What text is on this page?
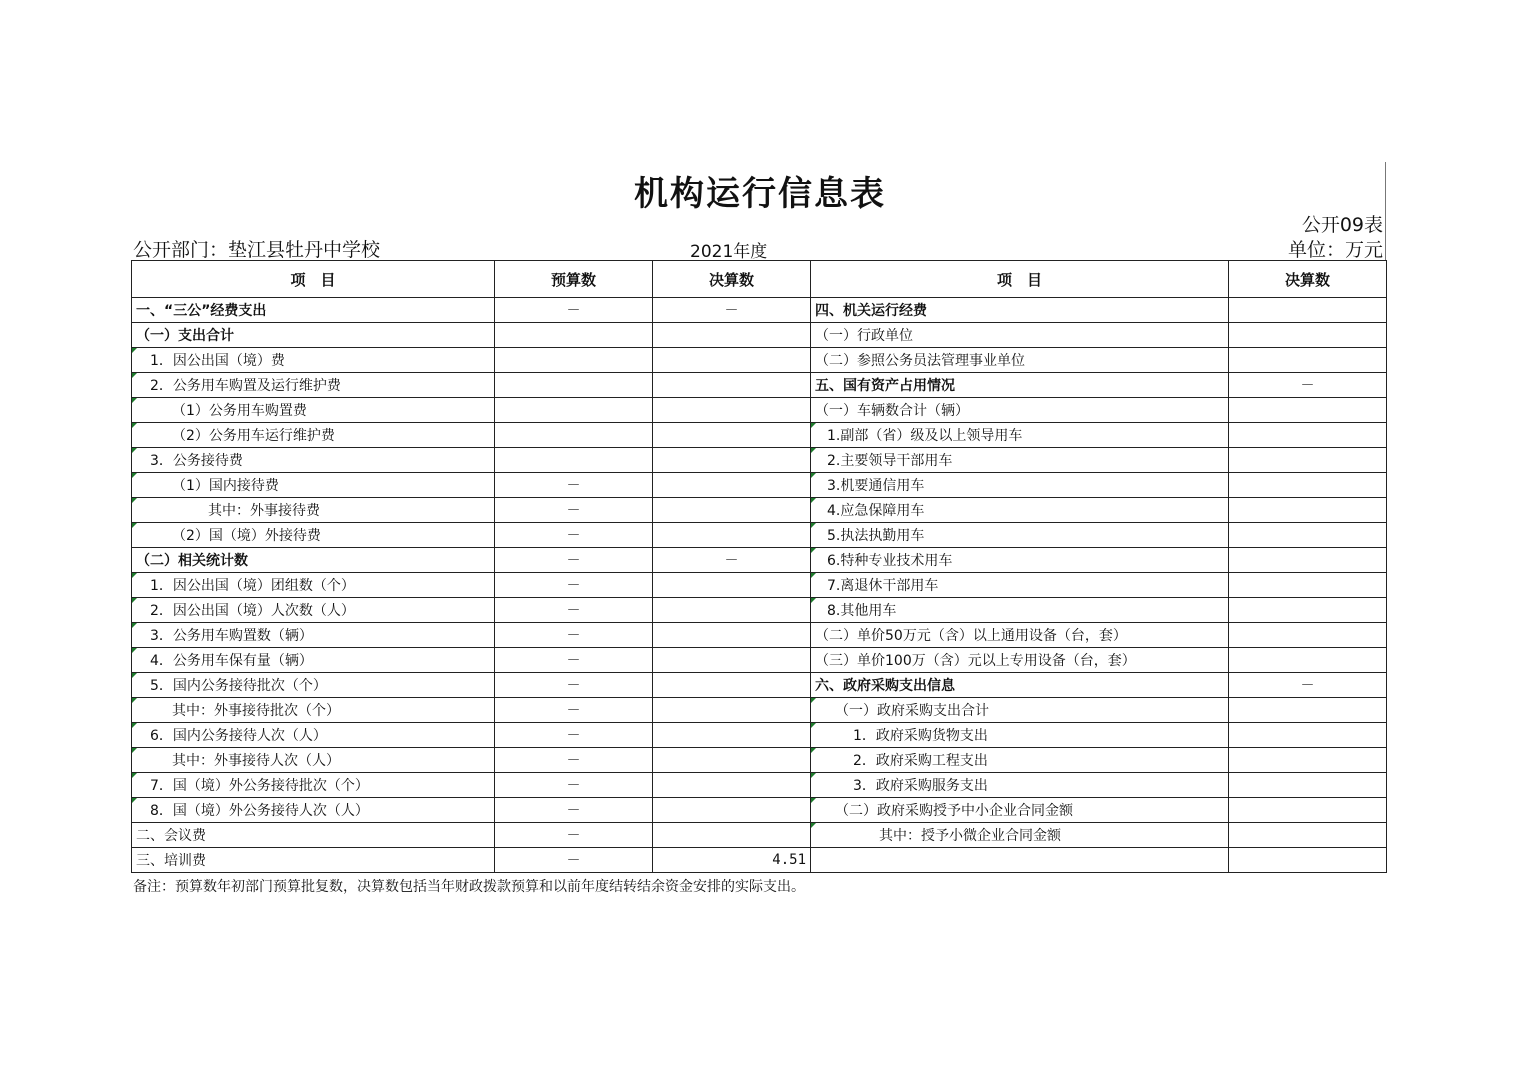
机构运行信息表
公开09表
单位：万元
公开部门：垫江县牡丹中学校	2021年度
项　目	预算数	决算数	项　目	决算数
一、“三公”经费支出	－	－	四、机关运行经费	
（一）支出合计			（一）行政单位	
1．因公出国（境）费			（二）参照公务员法管理事业单位	
2．公务用车购置及运行维护费			五、国有资产占用情况	－
（1）公务用车购置费			（一）车辆数合计（辆）	
（2）公务用车运行维护费			1.副部（省）级及以上领导用车	
3．公务接待费			2.主要领导干部用车	
（1）国内接待费	－		3.机要通信用车	
其中：外事接待费	－		4.应急保障用车	
（2）国（境）外接待费	－		5.执法执勤用车	
（二）相关统计数	－	－	6.特种专业技术用车	
1．因公出国（境）团组数（个）	－		7.离退休干部用车	
2．因公出国（境）人次数（人）	－		8.其他用车	
3．公务用车购置数（辆）	－		（二）单价50万元（含）以上通用设备（台，套）	
4．公务用车保有量（辆）	－		（三）单价100万（含）元以上专用设备（台，套）	
5．国内公务接待批次（个）	－		六、政府采购支出信息	－
其中：外事接待批次（个）	－		（一）政府采购支出合计	
6．国内公务接待人次（人）	－		1．政府采购货物支出	
其中：外事接待人次（人）	－		2．政府采购工程支出	
7．国（境）外公务接待批次（个）	－		3．政府采购服务支出	
8．国（境）外公务接待人次（人）	－		（二）政府采购授予中小企业合同金额	
二、会议费	－		其中：授予小微企业合同金额	
三、培训费	－	4.51		
备注：预算数年初部门预算批复数，决算数包括当年财政拨款预算和以前年度结转结余资金安排的实际支出。
